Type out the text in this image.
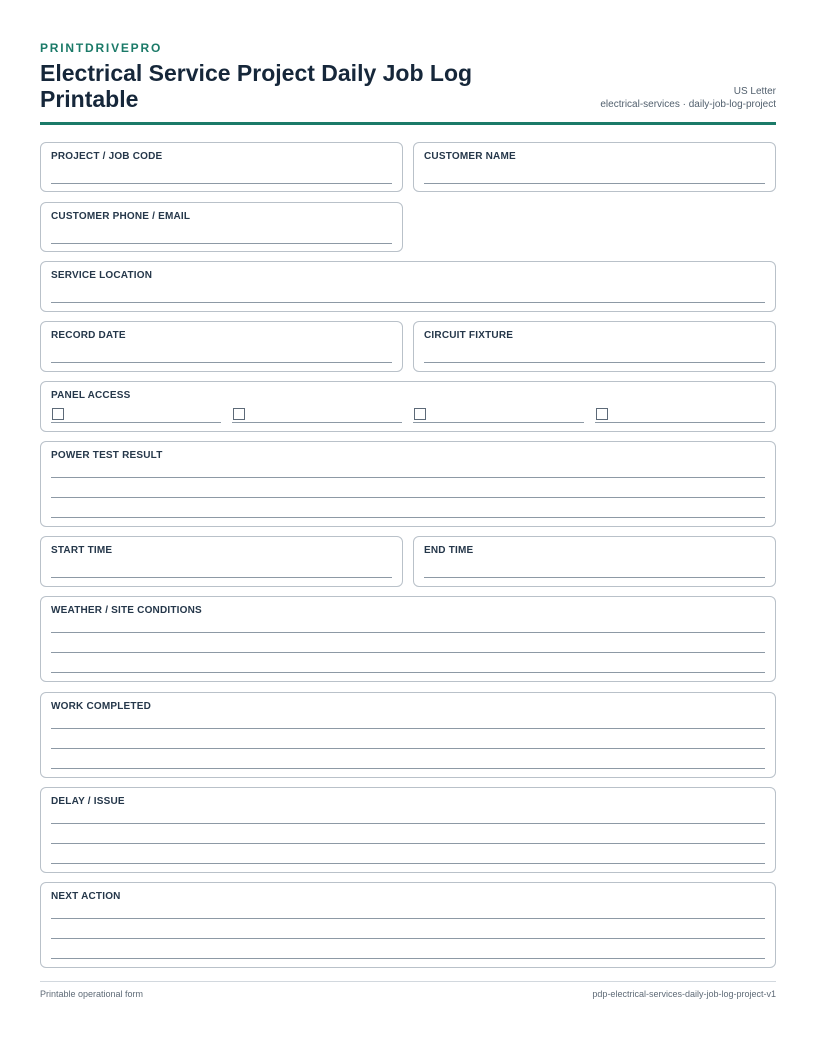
PRINTDRIVEPRO
Electrical Service Project Daily Job Log Printable	US Letter
electrical-services · daily-job-log-project
PROJECT / JOB CODE	CUSTOMER NAME
CUSTOMER PHONE / EMAIL
SERVICE LOCATION
RECORD DATE	CIRCUIT FIXTURE
PANEL ACCESS
POWER TEST RESULT
START TIME	END TIME
WEATHER / SITE CONDITIONS
WORK COMPLETED
DELAY / ISSUE
NEXT ACTION
Printable operational form	pdp-electrical-services-daily-job-log-project-v1
